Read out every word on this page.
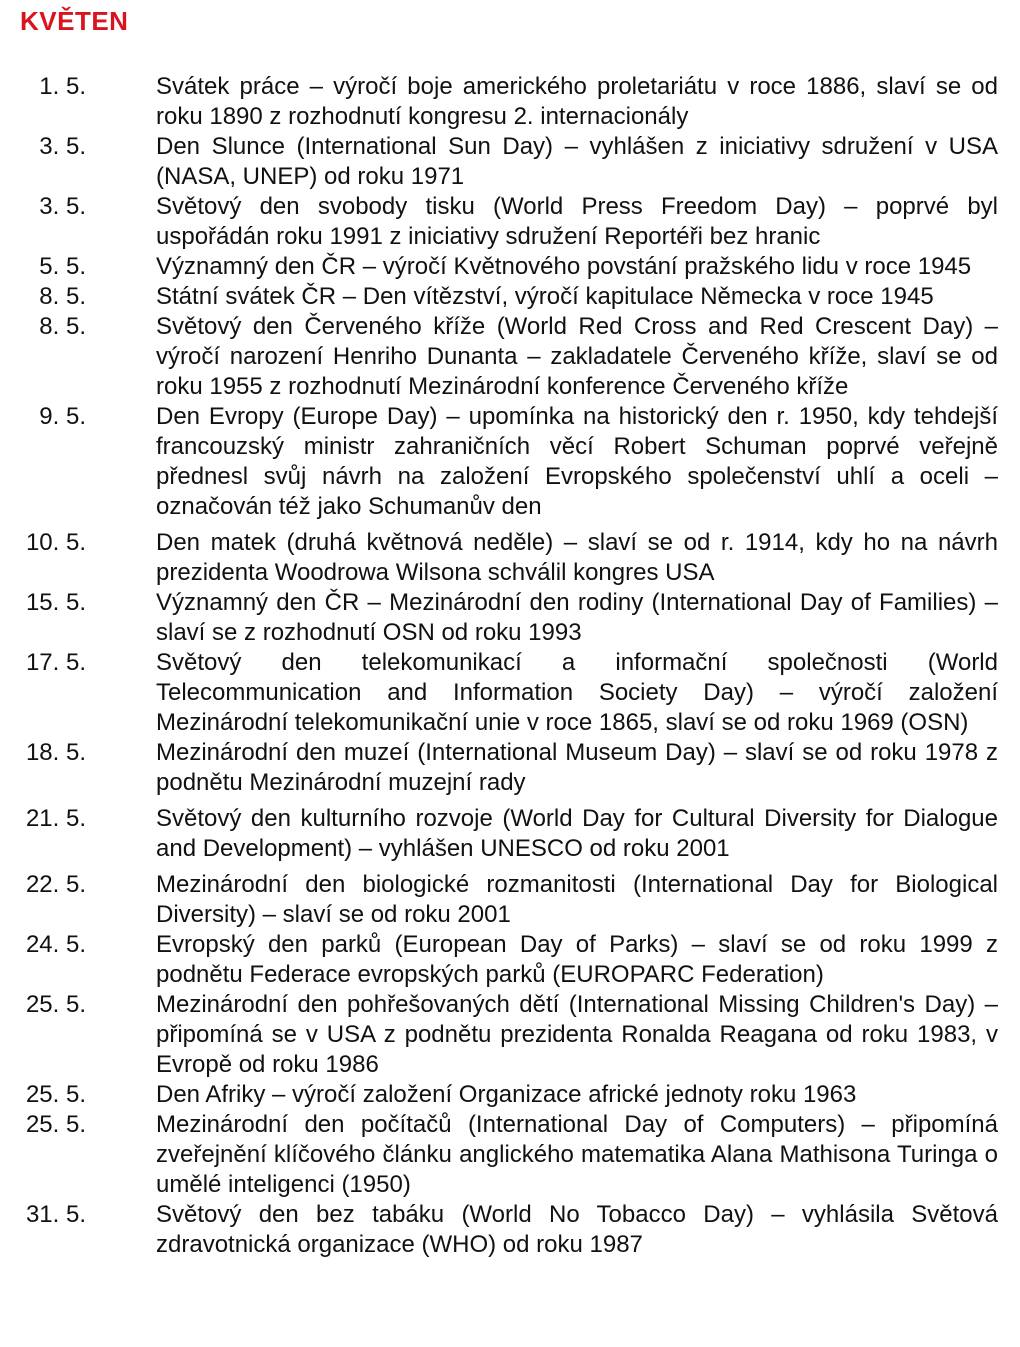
KVĚTEN
1. 5.	Svátek práce – výročí boje amerického proletariátu v roce 1886, slaví se od roku 1890 z rozhodnutí kongresu 2. internacionály
3. 5.	Den Slunce (International Sun Day) – vyhlášen z iniciativy sdružení v USA (NASA, UNEP) od roku 1971
3. 5.	Světový den svobody tisku (World Press Freedom Day) – poprvé byl uspořádán roku 1991 z iniciativy sdružení Reportéři bez hranic
5. 5.	Významný den ČR – výročí Květnového povstání pražského lidu v roce 1945
8. 5.	Státní svátek ČR – Den vítězství, výročí kapitulace Německa v roce 1945
8. 5.	Světový den Červeného kříže (World Red Cross and Red Crescent Day) – výročí narození Henriho Dunanta – zakladatele Červeného kříže, slaví se od roku 1955 z rozhodnutí Mezinárodní konference Červeného kříže
9. 5.	Den Evropy (Europe Day) – upomínka na historický den r. 1950, kdy tehdejší francouzský ministr zahraničních věcí Robert Schuman poprvé veřejně přednesl svůj návrh na založení Evropského společenství uhlí a oceli – označován též jako Schumanův den
10. 5.	Den matek (druhá květnová neděle) – slaví se od r. 1914, kdy ho na návrh prezidenta Woodrowa Wilsona schválil kongres USA
15. 5.	Významný den ČR – Mezinárodní den rodiny (International Day of Families) – slaví se z rozhodnutí OSN od roku 1993
17. 5.	Světový den telekomunikací a informační společnosti (World Telecommunication and Information Society Day) – výročí založení Mezinárodní telekomunikační unie v roce 1865, slaví se od roku 1969 (OSN)
18. 5.	Mezinárodní den muzeí (International Museum Day) – slaví se od roku 1978 z podnětu Mezinárodní muzejní rady
21. 5.	Světový den kulturního rozvoje (World Day for Cultural Diversity for Dialogue and Development) – vyhlášen UNESCO od roku 2001
22. 5.	Mezinárodní den biologické rozmanitosti (International Day for Biological Diversity) – slaví se od roku 2001
24. 5.	Evropský den parků (European Day of Parks) – slaví se od roku 1999 z podnětu Federace evropských parků (EUROPARC Federation)
25. 5.	Mezinárodní den pohřešovaných dětí (International Missing Children's Day) – připomíná se v USA z podnětu prezidenta Ronalda Reagana od roku 1983, v Evropě od roku 1986
25. 5.	Den Afriky – výročí založení Organizace africké jednoty roku 1963
25. 5.	Mezinárodní den počítačů (International Day of Computers) – připomíná zveřejnění klíčového článku anglického matematika Alana Mathisona Turinga o umělé inteligenci (1950)
31. 5.	Světový den bez tabáku (World No Tobacco Day) – vyhlásila Světová zdravotnická organizace (WHO) od roku 1987
